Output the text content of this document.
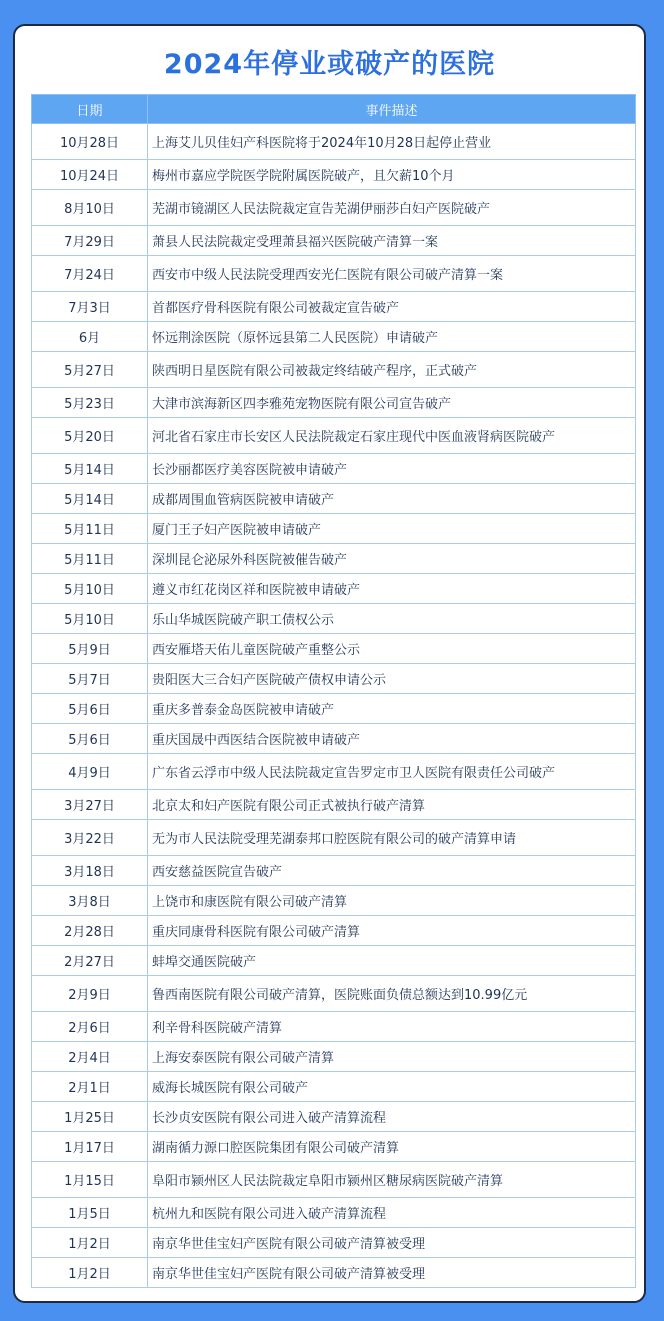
2024年停业或破产的医院
日期	事件描述
10月28日	上海艾儿贝佳妇产科医院将于2024年10月28日起停止营业
10月24日	梅州市嘉应学院医学院附属医院破产，且欠薪10个月
8月10日	芜湖市镜湖区人民法院裁定宣告芜湖伊丽莎白妇产医院破产
7月29日	萧县人民法院裁定受理萧县福兴医院破产清算一案
7月24日	西安市中级人民法院受理西安光仁医院有限公司破产清算一案
7月3日	首都医疗骨科医院有限公司被裁定宣告破产
6月	怀远荆涂医院（原怀远县第二人民医院）申请破产
5月27日	陕西明日星医院有限公司被裁定终结破产程序，正式破产
5月23日	大津市滨海新区四李雅苑宠物医院有限公司宣告破产
5月20日	河北省石家庄市长安区人民法院裁定石家庄现代中医血液肾病医院破产
5月14日	长沙丽都医疗美容医院被申请破产
5月14日	成都周围血管病医院被申请破产
5月11日	厦门王子妇产医院被申请破产
5月11日	深圳昆仑泌尿外科医院被催告破产
5月10日	遵义市红花岗区祥和医院被申请破产
5月10日	乐山华城医院破产职工债权公示
5月9日	西安雁塔天佑儿童医院破产重整公示
5月7日	贵阳医大三合妇产医院破产债权申请公示
5月6日	重庆多普泰金岛医院被申请破产
5月6日	重庆国晟中西医结合医院被申请破产
4月9日	广东省云浮市中级人民法院裁定宣告罗定市卫人医院有限责任公司破产
3月27日	北京太和妇产医院有限公司正式被执行破产清算
3月22日	无为市人民法院受理芜湖泰邦口腔医院有限公司的破产清算申请
3月18日	西安慈益医院宣告破产
3月8日	上饶市和康医院有限公司破产清算
2月28日	重庆同康骨科医院有限公司破产清算
2月27日	蚌埠交通医院破产
2月9日	鲁西南医院有限公司破产清算，医院账面负债总额达到10.99亿元
2月6日	利辛骨科医院破产清算
2月4日	上海安泰医院有限公司破产清算
2月1日	威海长城医院有限公司破产
1月25日	长沙贞安医院有限公司进入破产清算流程
1月17日	湖南循力源口腔医院集团有限公司破产清算
1月15日	阜阳市颍州区人民法院裁定阜阳市颍州区糖尿病医院破产清算
1月5日	杭州九和医院有限公司进入破产清算流程
1月2日	南京华世佳宝妇产医院有限公司破产清算被受理
1月2日	南京华世佳宝妇产医院有限公司破产清算被受理
